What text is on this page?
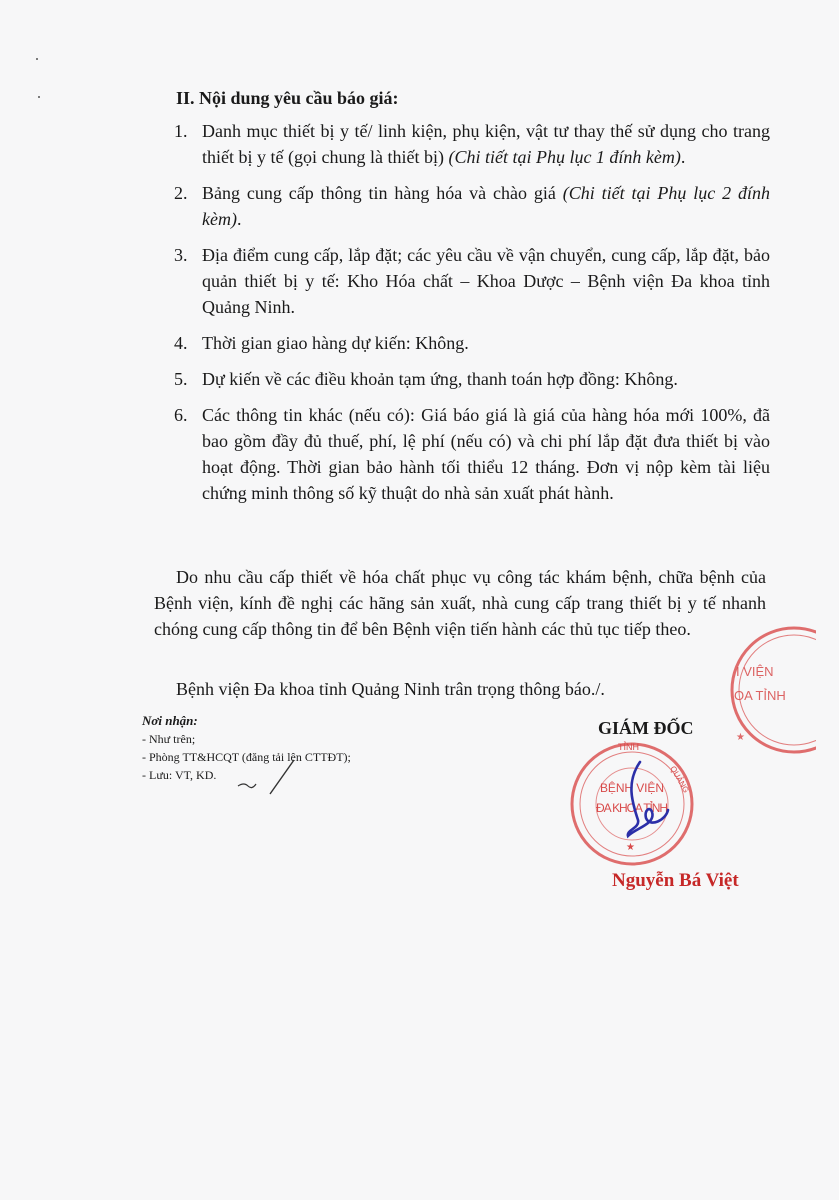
II. Nội dung yêu cầu báo giá:
1. Danh mục thiết bị y tế/ linh kiện, phụ kiện, vật tư thay thế sử dụng cho trang thiết bị y tế (gọi chung là thiết bị) (Chi tiết tại Phụ lục 1 đính kèm).
2. Bảng cung cấp thông tin hàng hóa và chào giá (Chi tiết tại Phụ lục 2 đính kèm).
3. Địa điểm cung cấp, lắp đặt; các yêu cầu về vận chuyển, cung cấp, lắp đặt, bảo quản thiết bị y tế: Kho Hóa chất – Khoa Dược – Bệnh viện Đa khoa tỉnh Quảng Ninh.
4. Thời gian giao hàng dự kiến: Không.
5. Dự kiến về các điều khoản tạm ứng, thanh toán hợp đồng: Không.
6. Các thông tin khác (nếu có): Giá báo giá là giá của hàng hóa mới 100%, đã bao gồm đầy đủ thuế, phí, lệ phí (nếu có) và chi phí lắp đặt đưa thiết bị vào hoạt động. Thời gian bảo hành tối thiểu 12 tháng. Đơn vị nộp kèm tài liệu chứng minh thông số kỹ thuật do nhà sản xuất phát hành.

Do nhu cầu cấp thiết về hóa chất phục vụ công tác khám bệnh, chữa bệnh của Bệnh viện, kính đề nghị các hãng sản xuất, nhà cung cấp trang thiết bị y tế nhanh chóng cung cấp thông tin để bên Bệnh viện tiến hành các thủ tục tiếp theo.

Bệnh viện Đa khoa tỉnh Quảng Ninh trân trọng thông báo./.

I VIỆN
OA TỈNH
★
Nơi nhận:
- Như trên;
- Phòng TT&HCQT (đăng tải lên CTTĐT);
- Lưu: VT, KD.
GIÁM ĐỐC
TỈNH
QUẢNG
BỆNH VIỆN
ĐA KHOA TỈNH
★
Nguyễn Bá Việt
